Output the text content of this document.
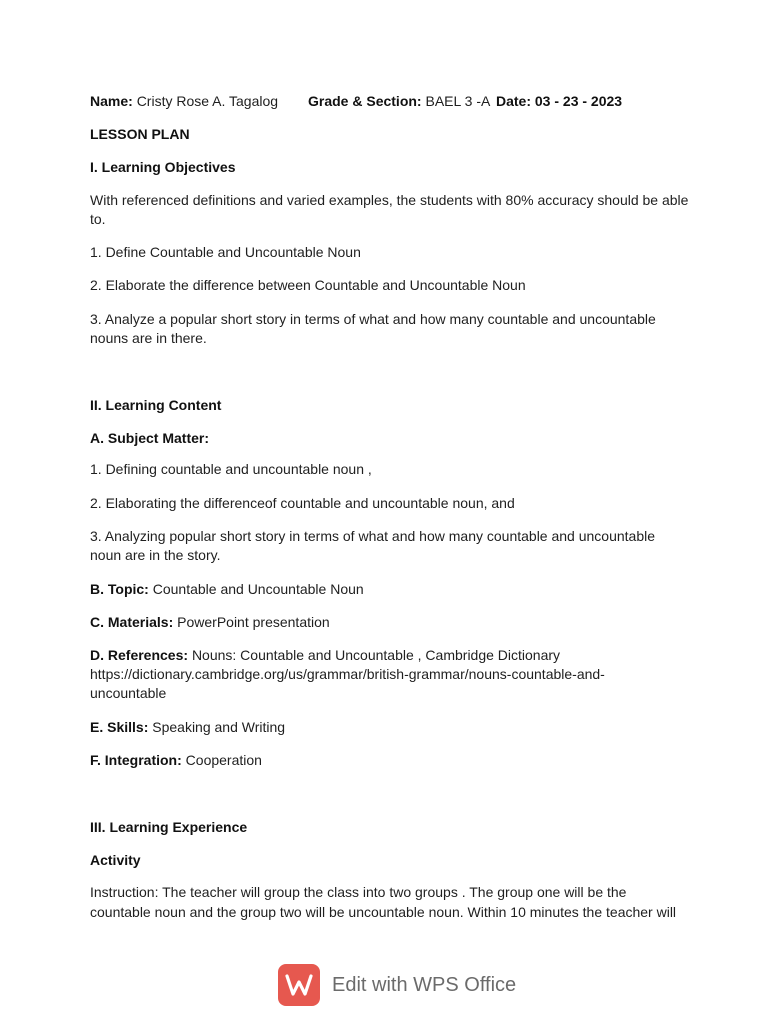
Name: Cristy Rose A. Tagalog Grade & Section: BAEL 3 -A Date: 03 - 23 - 2023
LESSON PLAN
I. Learning Objectives
With referenced definitions and varied examples, the students with 80% accuracy should be able
to.
1. Define Countable and Uncountable Noun
2. Elaborate the difference between Countable and Uncountable Noun
3. Analyze a popular short story in terms of what and how many countable and uncountable
nouns are in there.
II. Learning Content
A. Subject Matter:
1. Defining countable and uncountable noun ,
2. Elaborating the differenceof countable and uncountable noun, and
3. Analyzing popular short story in terms of what and how many countable and uncountable
noun are in the story.
B. Topic: Countable and Uncountable Noun
C. Materials: PowerPoint presentation
D. References: Nouns: Countable and Uncountable , Cambridge Dictionary
https://dictionary.cambridge.org/us/grammar/british-grammar/nouns-countable-and-
uncountable
E. Skills: Speaking and Writing
F. Integration: Cooperation
III. Learning Experience
Activity
Instruction: The teacher will group the class into two groups . The group one will be the
countable noun and the group two will be uncountable noun. Within 10 minutes the teacher will
Edit with WPS Office
